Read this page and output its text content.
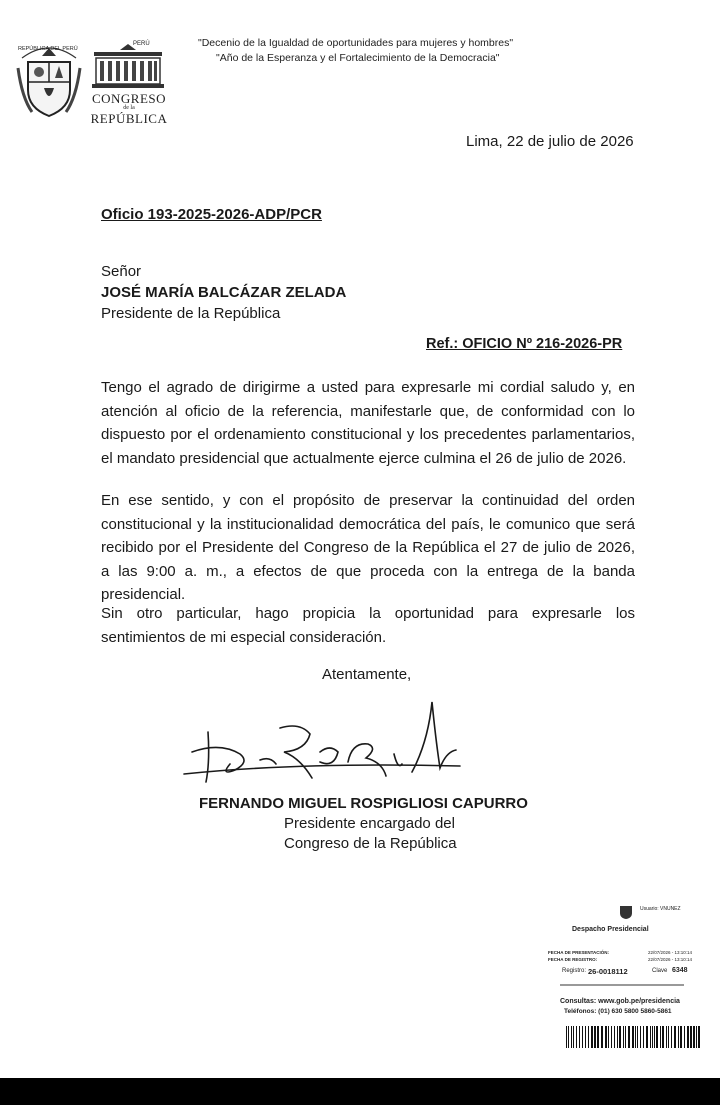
REPÚBLICA DEL PERÚ
PERÚ
CONGRESO
de la
REPÚBLICA
"Decenio de la Igualdad de oportunidades para mujeres y hombres"
"Año de la Esperanza y el Fortalecimiento de la Democracia"
Lima, 22 de julio de 2026
Oficio 193-2025-2026-ADP/PCR
Señor
JOSÉ MARÍA BALCÁZAR ZELADA
Presidente de la República
Ref.: OFICIO Nº 216-2026-PR
Tengo el agrado de dirigirme a usted para expresarle mi cordial saludo y, en atención al oficio de la referencia, manifestarle que, de conformidad con lo dispuesto por el ordenamiento constitucional y los precedentes parlamentarios, el mandato presidencial que actualmente ejerce culmina el 26 de julio de 2026.
En ese sentido, y con el propósito de preservar la continuidad del orden constitucional y la institucionalidad democrática del país, le comunico que será recibido por el Presidente del Congreso de la República el 27 de julio de 2026, a las 9:00 a. m., a efectos de que proceda con la entrega de la banda presidencial.
Sin otro particular, hago propicia la oportunidad para expresarle los sentimientos de mi especial consideración.
Atentamente,
FERNANDO MIGUEL ROSPIGLIOSI CAPURRO
Presidente encargado del
Congreso de la República
Usuario: VNUNEZ
Despacho Presidencial
FECHA DE PRESENTACIÓN:	22/07/2026 - 13:10:14
FECHA DE REGISTRO:	22/07/2026 - 13:10:14
Registro: 26-0018112	Clave 6348
Consultas: www.gob.pe/presidencia
Teléfonos: (01) 630 5800 5860-5861
